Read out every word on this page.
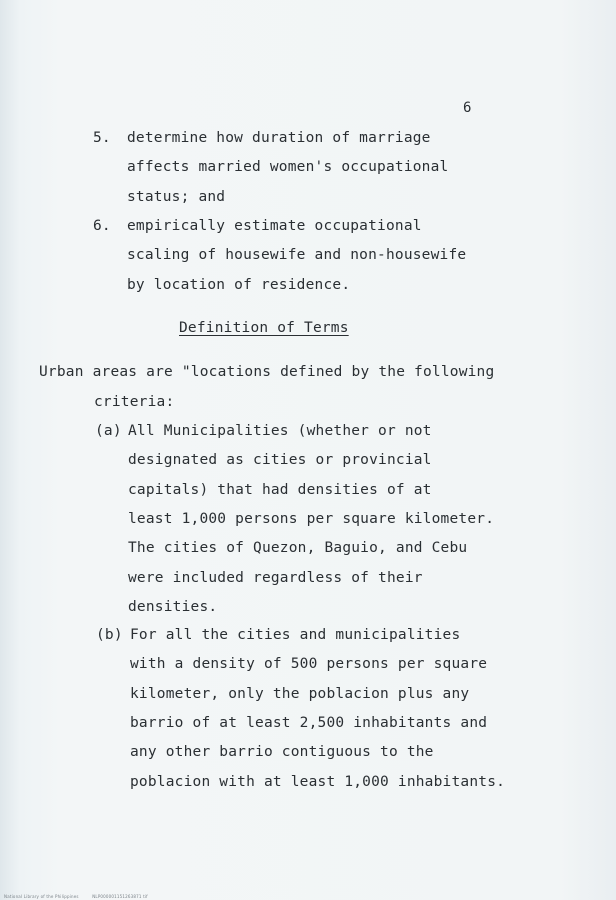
6
5. determine how duration of marriage
affects married women's occupational
status; and
6. empirically estimate occupational
scaling of housewife and non-housewife
by location of residence.
Definition of Terms
Urban areas are "locations defined by the following
criteria:
(a) All Municipalities (whether or not
designated as cities or provincial
capitals) that had densities of at
least 1,000 persons per square kilometer.
The cities of Quezon, Baguio, and Cebu
were included regardless of their
densities.
(b) For all the cities and municipalities
with a density of 500 persons per square
kilometer, only the poblacion plus any
barrio of at least 2,500 inhabitants and
any other barrio contiguous to the
poblacion with at least 1,000 inhabitants.
National Library of the Philippines	NLP000001151263871 tif
